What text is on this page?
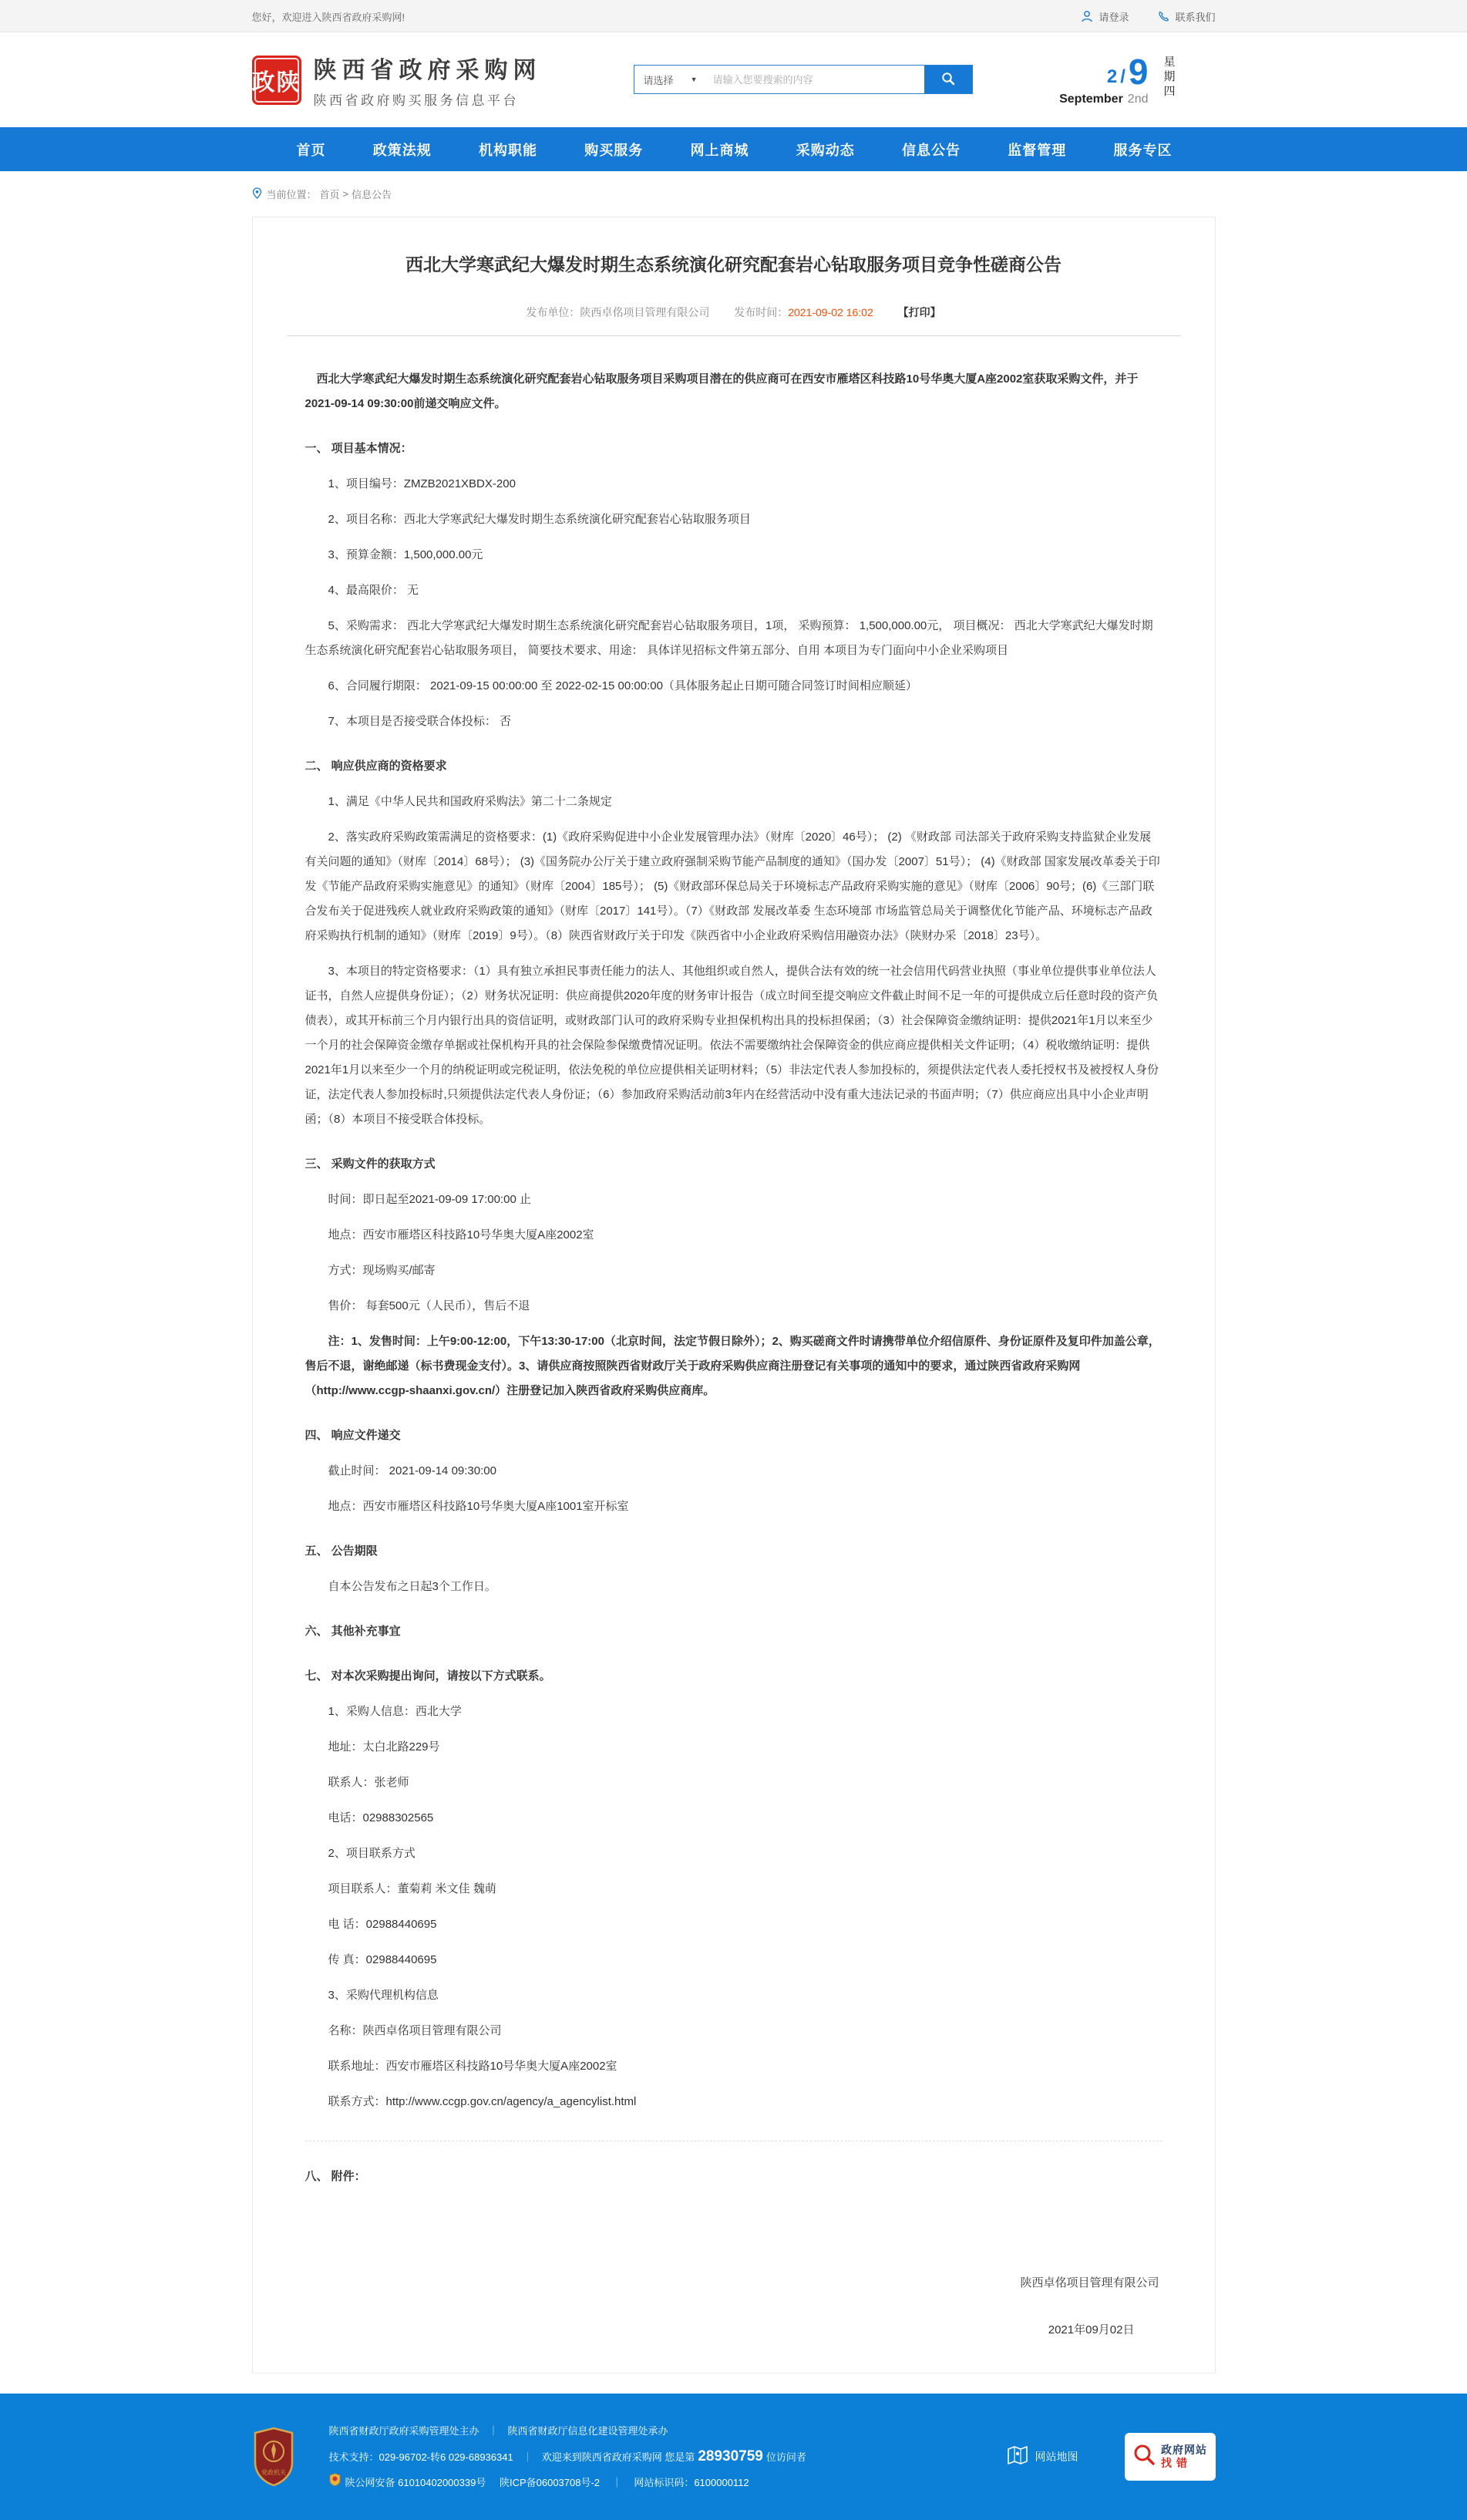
您好，欢迎进入陕西省政府采购网!	请登录	联系我们
政陕 陕西省政府采购网
陕西省政府购买服务信息平台
请选择 ▼
请输入您要搜索的内容	2 / 9
September 2nd 星期四
首页	政策法规	机构职能	购买服务	网上商城	采购动态	信息公告	监督管理	服务专区
当前位置： 首页 > 信息公告
西北大学寒武纪大爆发时期生态系统演化研究配套岩心钻取服务项目竞争性磋商公告
发布单位：陕西卓佲项目管理有限公司 发布时间：2021-09-02 16:02 【打印】

西北大学寒武纪大爆发时期生态系统演化研究配套岩心钻取服务项目采购项目潜在的供应商可在西安市雁塔区科技路10号华奥大厦A座2002室获取采购文件，并于2021-09-14 09:30:00前递交响应文件。

一、 项目基本情况：

1、项目编号：ZMZB2021XBDX-200

2、项目名称：西北大学寒武纪大爆发时期生态系统演化研究配套岩心钻取服务项目

3、预算金额：1,500,000.00元

4、最高限价： 无

5、采购需求： 西北大学寒武纪大爆发时期生态系统演化研究配套岩心钻取服务项目，1项， 采购预算： 1,500,000.00元， 项目概况： 西北大学寒武纪大爆发时期生态系统演化研究配套岩心钻取服务项目， 简要技术要求、用途： 具体详见招标文件第五部分、自用 本项目为专门面向中小企业采购项目

6、合同履行期限： 2021-09-15 00:00:00 至 2022-02-15 00:00:00（具体服务起止日期可随合同签订时间相应顺延）

7、本项目是否接受联合体投标： 否

二、 响应供应商的资格要求

1、满足《中华人民共和国政府采购法》第二十二条规定

2、落实政府采购政策需满足的资格要求：(1)《政府采购促进中小企业发展管理办法》（财库〔2020〕46号）； (2) 《财政部 司法部关于政府采购支持监狱企业发展有关问题的通知》（财库〔2014〕68号）； (3)《国务院办公厅关于建立政府强制采购节能产品制度的通知》（国办发〔2007〕51号）； (4)《财政部 国家发展改革委关于印发《节能产品政府采购实施意见》的通知》（财库〔2004〕185号）； (5)《财政部环保总局关于环境标志产品政府采购实施的意见》（财库〔2006〕90号；(6)《三部门联合发布关于促进残疾人就业政府采购政策的通知》（财库〔2017〕141号）。（7）《财政部 发展改革委 生态环境部 市场监管总局关于调整优化节能产品、环境标志产品政府采购执行机制的通知》（财库〔2019〕9号）。（8）陕西省财政厅关于印发《陕西省中小企业政府采购信用融资办法》（陕财办采〔2018〕23号）。

3、本项目的特定资格要求：（1）具有独立承担民事责任能力的法人、其他组织或自然人，提供合法有效的统一社会信用代码营业执照（事业单位提供事业单位法人证书，自然人应提供身份证）；（2）财务状况证明：供应商提供2020年度的财务审计报告（成立时间至提交响应文件截止时间不足一年的可提供成立后任意时段的资产负债表），或其开标前三个月内银行出具的资信证明，或财政部门认可的政府采购专业担保机构出具的投标担保函；（3）社会保障资金缴纳证明：提供2021年1月以来至少一个月的社会保障资金缴存单据或社保机构开具的社会保险参保缴费情况证明。依法不需要缴纳社会保障资金的供应商应提供相关文件证明；（4）税收缴纳证明：提供2021年1月以来至少一个月的纳税证明或完税证明，依法免税的单位应提供相关证明材料；（5）非法定代表人参加投标的，须提供法定代表人委托授权书及被授权人身份证，法定代表人参加投标时,只须提供法定代表人身份证；（6）参加政府采购活动前3年内在经营活动中没有重大违法记录的书面声明；（7）供应商应出具中小企业声明函；（8）本项目不接受联合体投标。

三、 采购文件的获取方式

时间：即日起至2021-09-09 17:00:00 止

地点：西安市雁塔区科技路10号华奥大厦A座2002室

方式：现场购买/邮寄

售价： 每套500元（人民币），售后不退

注：1、发售时间：上午9:00-12:00，下午13:30-17:00（北京时间，法定节假日除外）；2、购买磋商文件时请携带单位介绍信原件、身份证原件及复印件加盖公章，售后不退，谢绝邮递（标书费现金支付）。3、请供应商按照陕西省财政厅关于政府采购供应商注册登记有关事项的通知中的要求，通过陕西省政府采购网（http://www.ccgp-shaanxi.gov.cn/）注册登记加入陕西省政府采购供应商库。

四、 响应文件递交

截止时间： 2021-09-14 09:30:00

地点：西安市雁塔区科技路10号华奥大厦A座1001室开标室

五、 公告期限

自本公告发布之日起3个工作日。

六、 其他补充事宜

七、 对本次采购提出询问，请按以下方式联系。

1、采购人信息：西北大学

地址：太白北路229号

联系人：张老师

电话：02988302565

2、项目联系方式

项目联系人：董菊莉 米文佳 魏萌

电 话：02988440695

传 真：02988440695

3、采购代理机构信息

名称：陕西卓佲项目管理有限公司

联系地址：西安市雁塔区科技路10号华奥大厦A座2002室

联系方式：http://www.ccgp.gov.cn/agency/a_agencylist.html

八、 附件：

陕西卓佲项目管理有限公司
2021年09月02日
党政机关
陕西省财政厅政府采购管理处主办 ｜ 陕西省财政厅信息化建设管理处承办
技术支持：029-96702-转6 029-68936341 ｜ 欢迎来到陕西省政府采购网 您是第 28930759 位访问者
陕公网安备 61010402000339号 陕ICP备06003708号-2 ｜ 网站标识码：6100000112
网站地图
政府网站
找错
